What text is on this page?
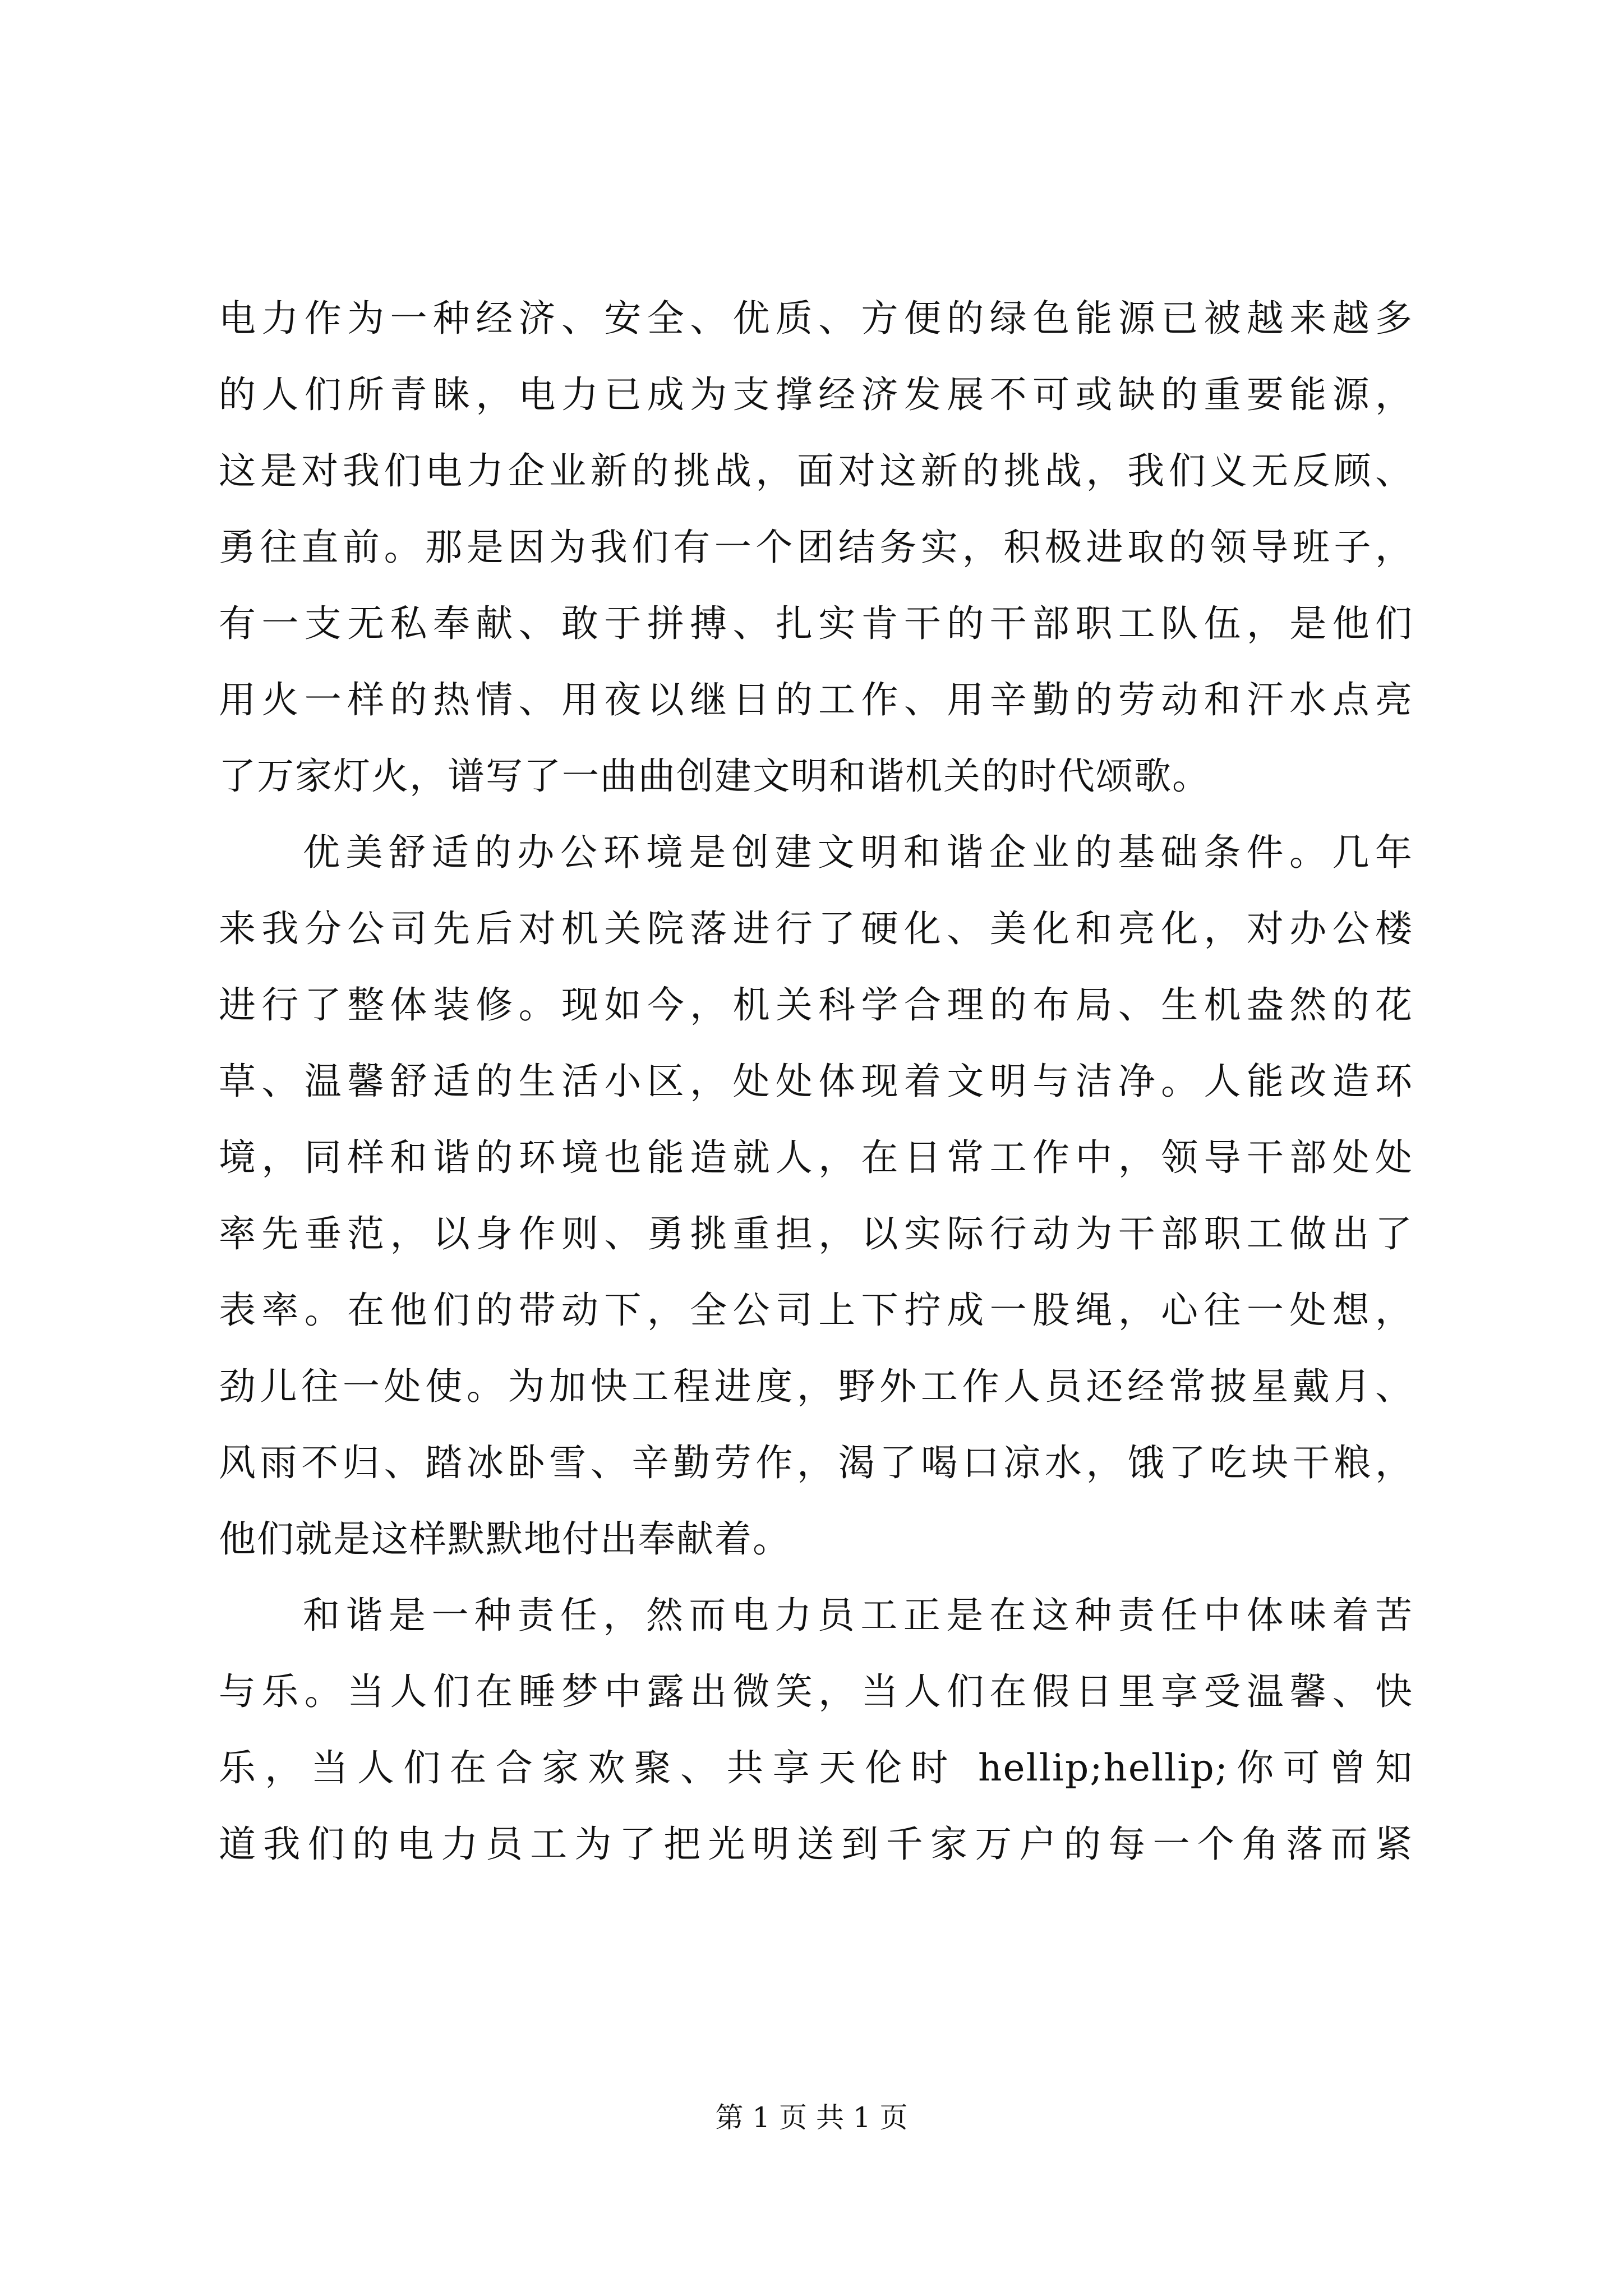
电力作为一种经济、安全、优质、方便的绿色能源已被越来越多
的人们所青睐，电力已成为支撑经济发展不可或缺的重要能源，
这是对我们电力企业新的挑战，面对这新的挑战，我们义无反顾、
勇往直前。那是因为我们有一个团结务实，积极进取的领导班子，
有一支无私奉献、敢于拼搏、扎实肯干的干部职工队伍，是他们
用火一样的热情、用夜以继日的工作、用辛勤的劳动和汗水点亮
了万家灯火，谱写了一曲曲创建文明和谐机关的时代颂歌。
优美舒适的办公环境是创建文明和谐企业的基础条件。几年
来我分公司先后对机关院落进行了硬化、美化和亮化，对办公楼
进行了整体装修。现如今，机关科学合理的布局、生机盎然的花
草、温馨舒适的生活小区，处处体现着文明与洁净。人能改造环
境，同样和谐的环境也能造就人，在日常工作中，领导干部处处
率先垂范，以身作则、勇挑重担，以实际行动为干部职工做出了
表率。在他们的带动下，全公司上下拧成一股绳，心往一处想，
劲儿往一处使。为加快工程进度，野外工作人员还经常披星戴月、
风雨不归、踏冰卧雪、辛勤劳作，渴了喝口凉水，饿了吃块干粮，
他们就是这样默默地付出奉献着。
和谐是一种责任，然而电力员工正是在这种责任中体味着苦
与乐。当人们在睡梦中露出微笑，当人们在假日里享受温馨、快
乐，当人们在合家欢聚、共享天伦时 hellip;hellip;你可曾知
道我们的电力员工为了把光明送到千家万户的每一个角落而紧
第 1 页 共 1 页
